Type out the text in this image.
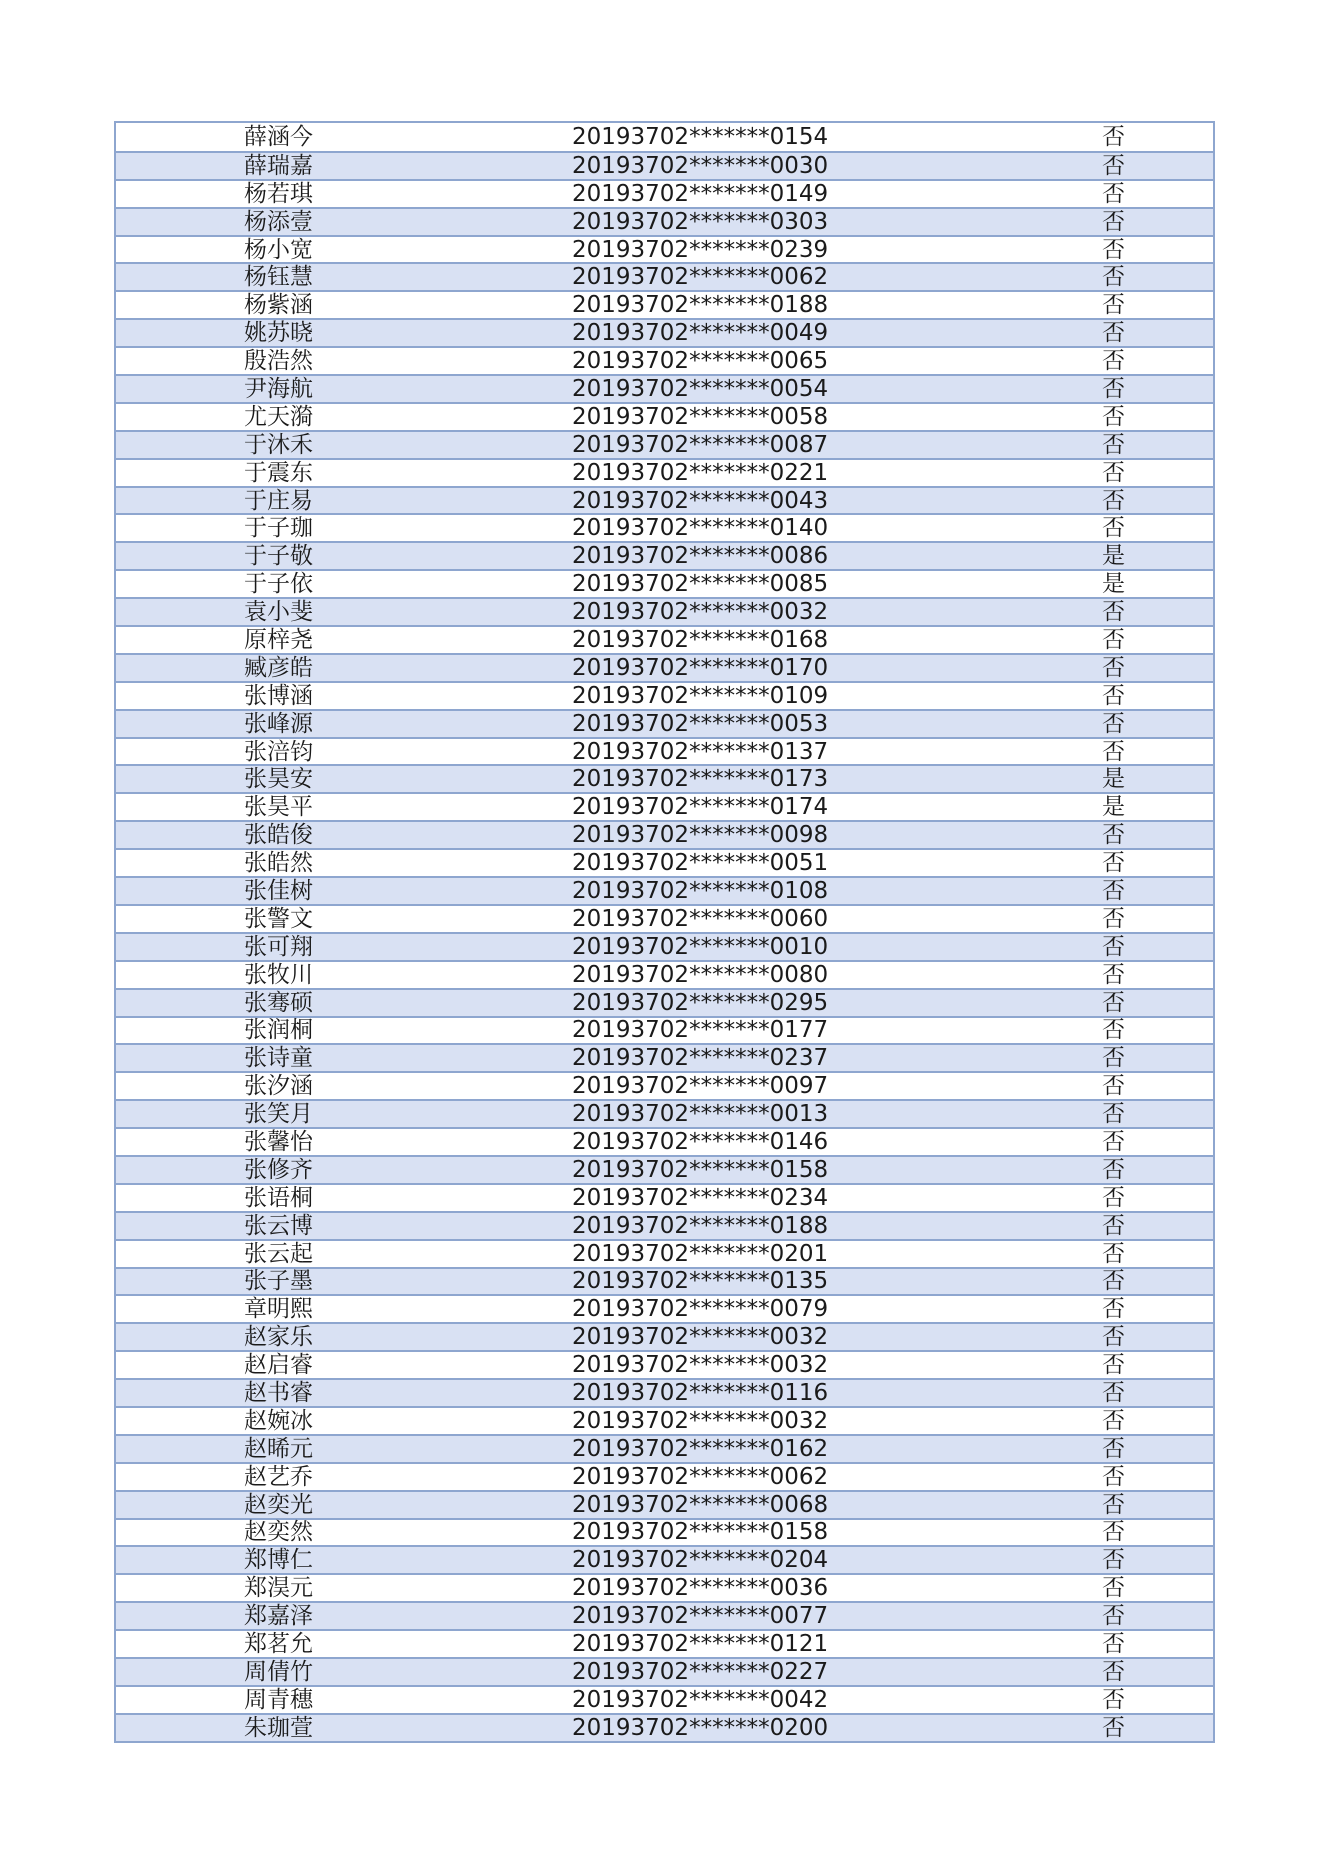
薛涵今	20193702*******0154	否
薛瑞嘉	20193702*******0030	否
杨若琪	20193702*******0149	否
杨添壹	20193702*******0303	否
杨小宽	20193702*******0239	否
杨钰慧	20193702*******0062	否
杨紫涵	20193702*******0188	否
姚苏晓	20193702*******0049	否
殷浩然	20193702*******0065	否
尹海航	20193702*******0054	否
尤天漪	20193702*******0058	否
于沐禾	20193702*******0087	否
于震东	20193702*******0221	否
于庄易	20193702*******0043	否
于子珈	20193702*******0140	否
于子敬	20193702*******0086	是
于子依	20193702*******0085	是
袁小斐	20193702*******0032	否
原梓尧	20193702*******0168	否
臧彦皓	20193702*******0170	否
张博涵	20193702*******0109	否
张峰源	20193702*******0053	否
张涪钧	20193702*******0137	否
张昊安	20193702*******0173	是
张昊平	20193702*******0174	是
张皓俊	20193702*******0098	否
张皓然	20193702*******0051	否
张佳树	20193702*******0108	否
张警文	20193702*******0060	否
张可翔	20193702*******0010	否
张牧川	20193702*******0080	否
张骞硕	20193702*******0295	否
张润桐	20193702*******0177	否
张诗童	20193702*******0237	否
张汐涵	20193702*******0097	否
张笑月	20193702*******0013	否
张馨怡	20193702*******0146	否
张修齐	20193702*******0158	否
张语桐	20193702*******0234	否
张云博	20193702*******0188	否
张云起	20193702*******0201	否
张子墨	20193702*******0135	否
章明熙	20193702*******0079	否
赵家乐	20193702*******0032	否
赵启睿	20193702*******0032	否
赵书睿	20193702*******0116	否
赵婉冰	20193702*******0032	否
赵晞元	20193702*******0162	否
赵艺乔	20193702*******0062	否
赵奕光	20193702*******0068	否
赵奕然	20193702*******0158	否
郑博仁	20193702*******0204	否
郑淏元	20193702*******0036	否
郑嘉泽	20193702*******0077	否
郑茗允	20193702*******0121	否
周倩竹	20193702*******0227	否
周青穗	20193702*******0042	否
朱珈萱	20193702*******0200	否
